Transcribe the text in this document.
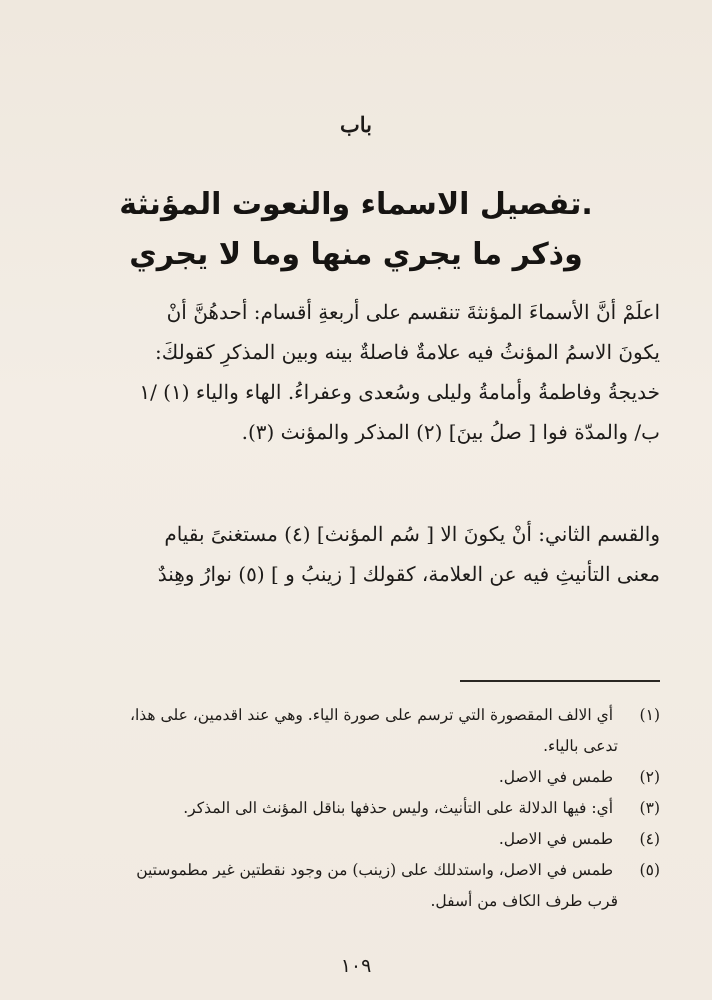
باب
.تفصيل الاسماء والنعوت المؤنثة
وذكر ما يجري منها وما لا يجري
اعلَمْ أنَّ الأسماءَ المؤنثةَ تنقسم على أربعةِ أقسام: أحدهُنَّ أنْ
يكونَ الاسمُ المؤنثُ فيه علامةٌ فاصلةٌ بينه وبين المذكرِ كقولكَ:
خديجةُ وفاطمةُ وأمامةُ وليلى وسُعدى وعفراءُ. الهاء والياء (١) /١
ب/ والمدّة فوا [ صلُ بينَ] (٢) المذكر والمؤنث (٣).
والقسم الثاني: أنْ يكونَ الا [ سُم المؤنث] (٤) مستغنىً بقيام
معنى التأنيثِ فيه عن العلامة، كقولك [ زينبُ و ] (٥) نوارُ وهِندٌ
(١) أي الالف المقصورة التي ترسم على صورة الياء. وهي عند اقدمين، على هذا،
تدعى بالياء.
(٢) طمس في الاصل.
(٣) أي: فيها الدلالة على التأنيث، وليس حذفها بناقل المؤنث الى المذكر.
(٤) طمس في الاصل.
(٥) طمس في الاصل، واستدللك على (زينب) من وجود نقطتين غير مطموستين
قرب طرف الكاف من أسفل.
١٠٩
